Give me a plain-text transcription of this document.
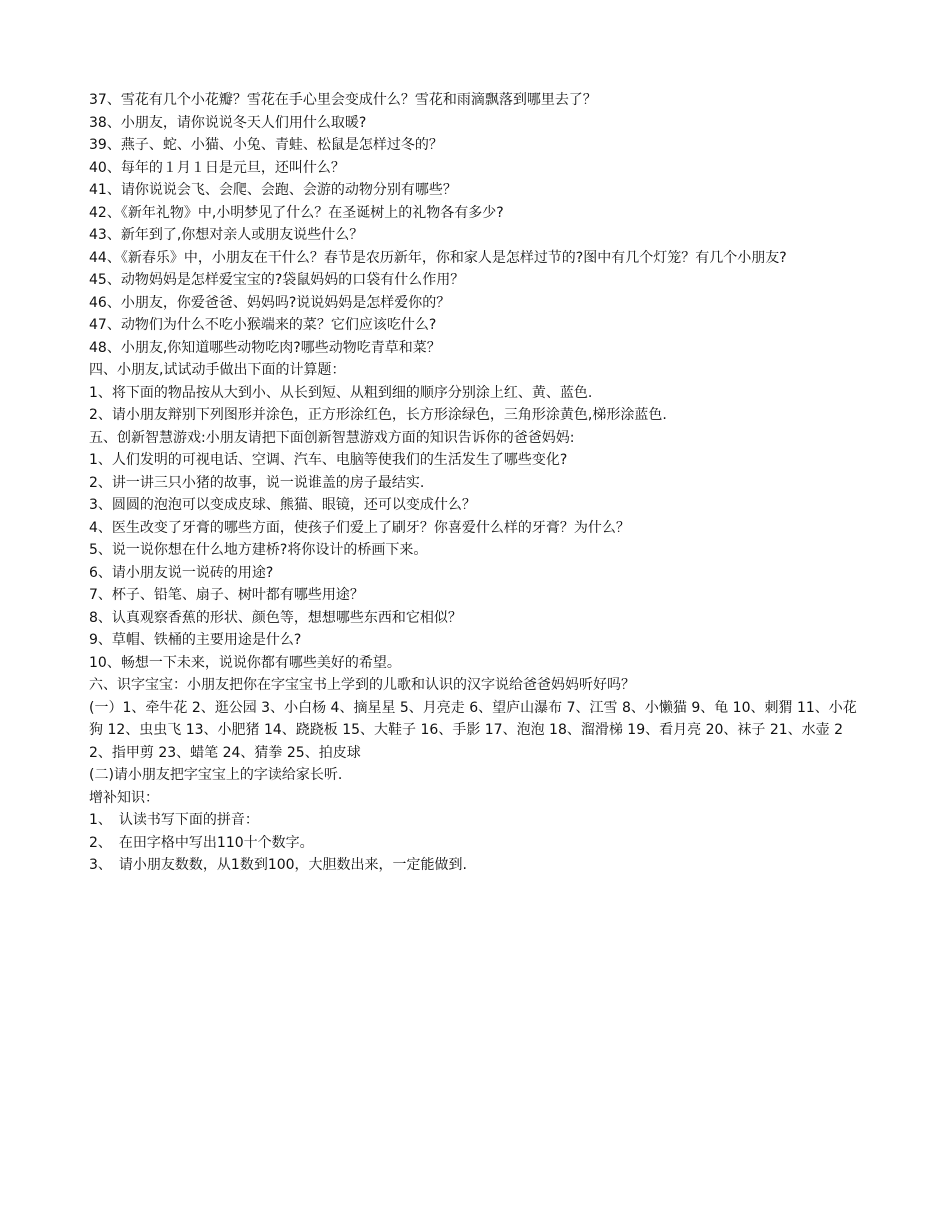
37、雪花有几个小花瓣？雪花在手心里会变成什么？雪花和雨滴飘落到哪里去了？

38、小朋友，请你说说冬天人们用什么取暖?

39、燕子、蛇、小猫、小兔、青蛙、松鼠是怎样过冬的？

40、每年的１月１日是元旦，还叫什么？

41、请你说说会飞、会爬、会跑、会游的动物分别有哪些？

42、《新年礼物》中,小明梦见了什么？在圣诞树上的礼物各有多少?

43、新年到了,你想对亲人或朋友说些什么？

44、《新春乐》中，小朋友在干什么？春节是农历新年，你和家人是怎样过节的?图中有几个灯笼？有几个小朋友?

45、动物妈妈是怎样爱宝宝的?袋鼠妈妈的口袋有什么作用？

46、小朋友，你爱爸爸、妈妈吗?说说妈妈是怎样爱你的？

47、动物们为什么不吃小猴端来的菜？它们应该吃什么?

48、小朋友,你知道哪些动物吃肉?哪些动物吃青草和菜？

四、小朋友,试试动手做出下面的计算题：

1、将下面的物品按从大到小、从长到短、从粗到细的顺序分别涂上红、黄、蓝色.

2、请小朋友辩别下列图形并涂色，正方形涂红色，长方形涂绿色，三角形涂黄色,梯形涂蓝色.

五、创新智慧游戏:小朋友请把下面创新智慧游戏方面的知识告诉你的爸爸妈妈:

1、人们发明的可视电话、空调、汽车、电脑等使我们的生活发生了哪些变化?

2、讲一讲三只小猪的故事，说一说谁盖的房子最结实.

3、圆圆的泡泡可以变成皮球、熊猫、眼镜，还可以变成什么？

4、医生改变了牙膏的哪些方面，使孩子们爱上了刷牙？你喜爱什么样的牙膏？为什么？

5、说一说你想在什么地方建桥?将你设计的桥画下来。

6、请小朋友说一说砖的用途?

7、杯子、铅笔、扇子、树叶都有哪些用途？

8、认真观察香蕉的形状、颜色等，想想哪些东西和它相似？

9、草帽、铁桶的主要用途是什么?

10、畅想一下未来，说说你都有哪些美好的希望。

六、识字宝宝：小朋友把你在字宝宝书上学到的儿歌和认识的汉字说给爸爸妈妈听好吗？

(一）1、牵牛花 2、逛公园 3、小白杨 4、摘星星 5、月亮走 6、望庐山瀑布 7、江雪 8、小懒猫 9、龟 10、刺猬 11、小花狗 12、虫虫飞 13、小肥猪 14、跷跷板 15、大鞋子 16、手影 17、泡泡 18、溜滑梯 19、看月亮 20、袜子 21、水壶 22、指甲剪 23、蜡笔 24、猜拳 25、拍皮球

(二)请小朋友把字宝宝上的字读给家长听.

增补知识：

1、　认读书写下面的拼音：

2、　在田字格中写出110十个数字。

3、　请小朋友数数，从1数到100，大胆数出来，一定能做到.
